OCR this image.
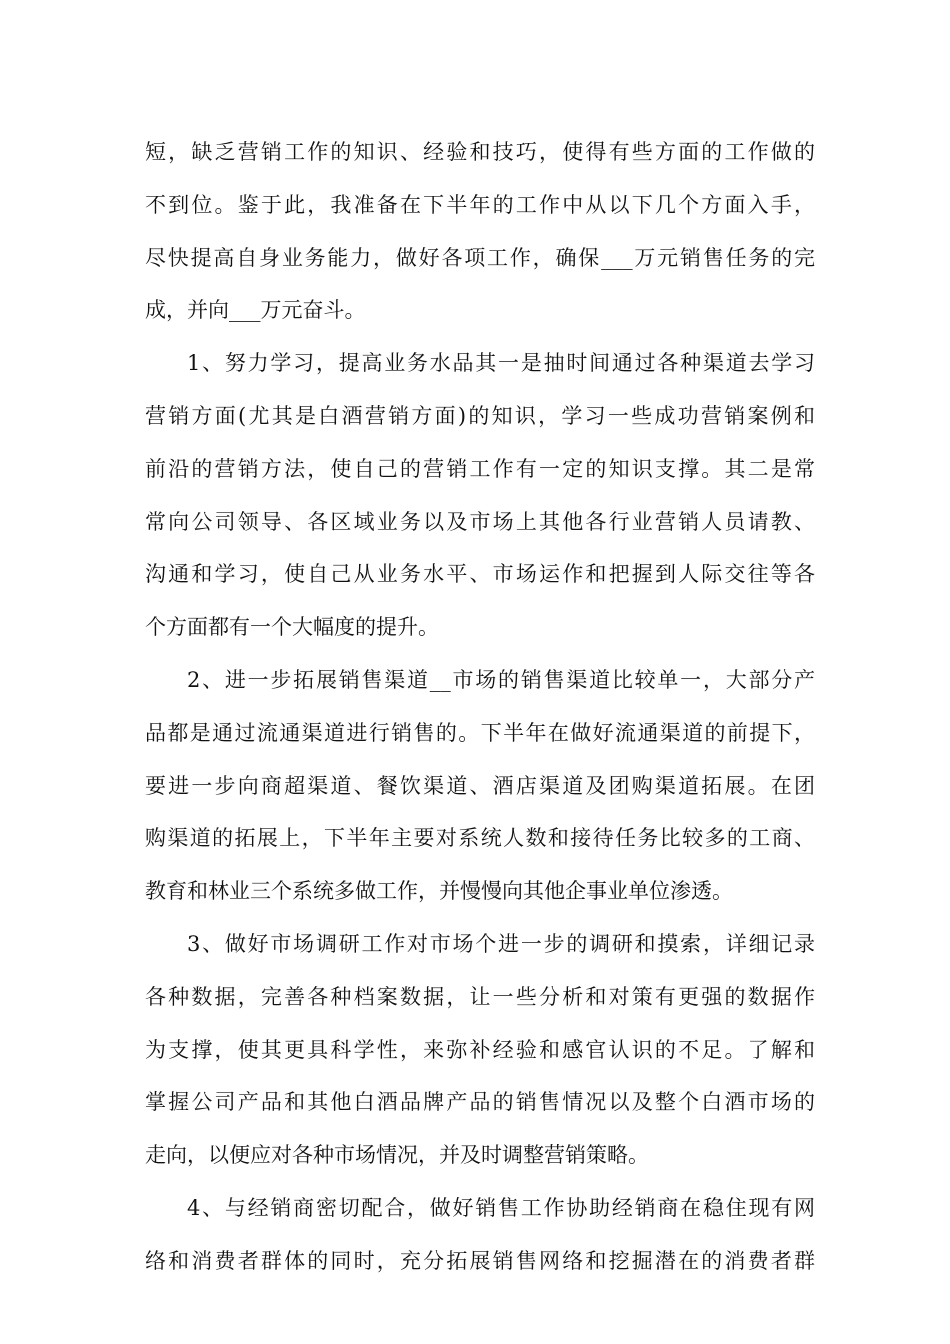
短，缺乏营销工作的知识、经验和技巧，使得有些方面的工作做的
不到位。鉴于此，我准备在下半年的工作中从以下几个方面入手，
尽快提高自身业务能力，做好各项工作，确保___万元销售任务的完
成，并向___万元奋斗。
1、努力学习，提高业务水品其一是抽时间通过各种渠道去学习
营销方面(尤其是白酒营销方面)的知识，学习一些成功营销案例和
前沿的营销方法，使自己的营销工作有一定的知识支撑。其二是常
常向公司领导、各区域业务以及市场上其他各行业营销人员请教、
沟通和学习，使自己从业务水平、市场运作和把握到人际交往等各
个方面都有一个大幅度的提升。
2、进一步拓展销售渠道__市场的销售渠道比较单一，大部分产
品都是通过流通渠道进行销售的。下半年在做好流通渠道的前提下，
要进一步向商超渠道、餐饮渠道、酒店渠道及团购渠道拓展。在团
购渠道的拓展上，下半年主要对系统人数和接待任务比较多的工商、
教育和林业三个系统多做工作，并慢慢向其他企事业单位渗透。
3、做好市场调研工作对市场个进一步的调研和摸索，详细记录
各种数据，完善各种档案数据，让一些分析和对策有更强的数据作
为支撑，使其更具科学性，来弥补经验和感官认识的不足。了解和
掌握公司产品和其他白酒品牌产品的销售情况以及整个白酒市场的
走向，以便应对各种市场情况，并及时调整营销策略。
4、与经销商密切配合，做好销售工作协助经销商在稳住现有网
络和消费者群体的同时，充分拓展销售网络和挖掘潜在的消费者群
